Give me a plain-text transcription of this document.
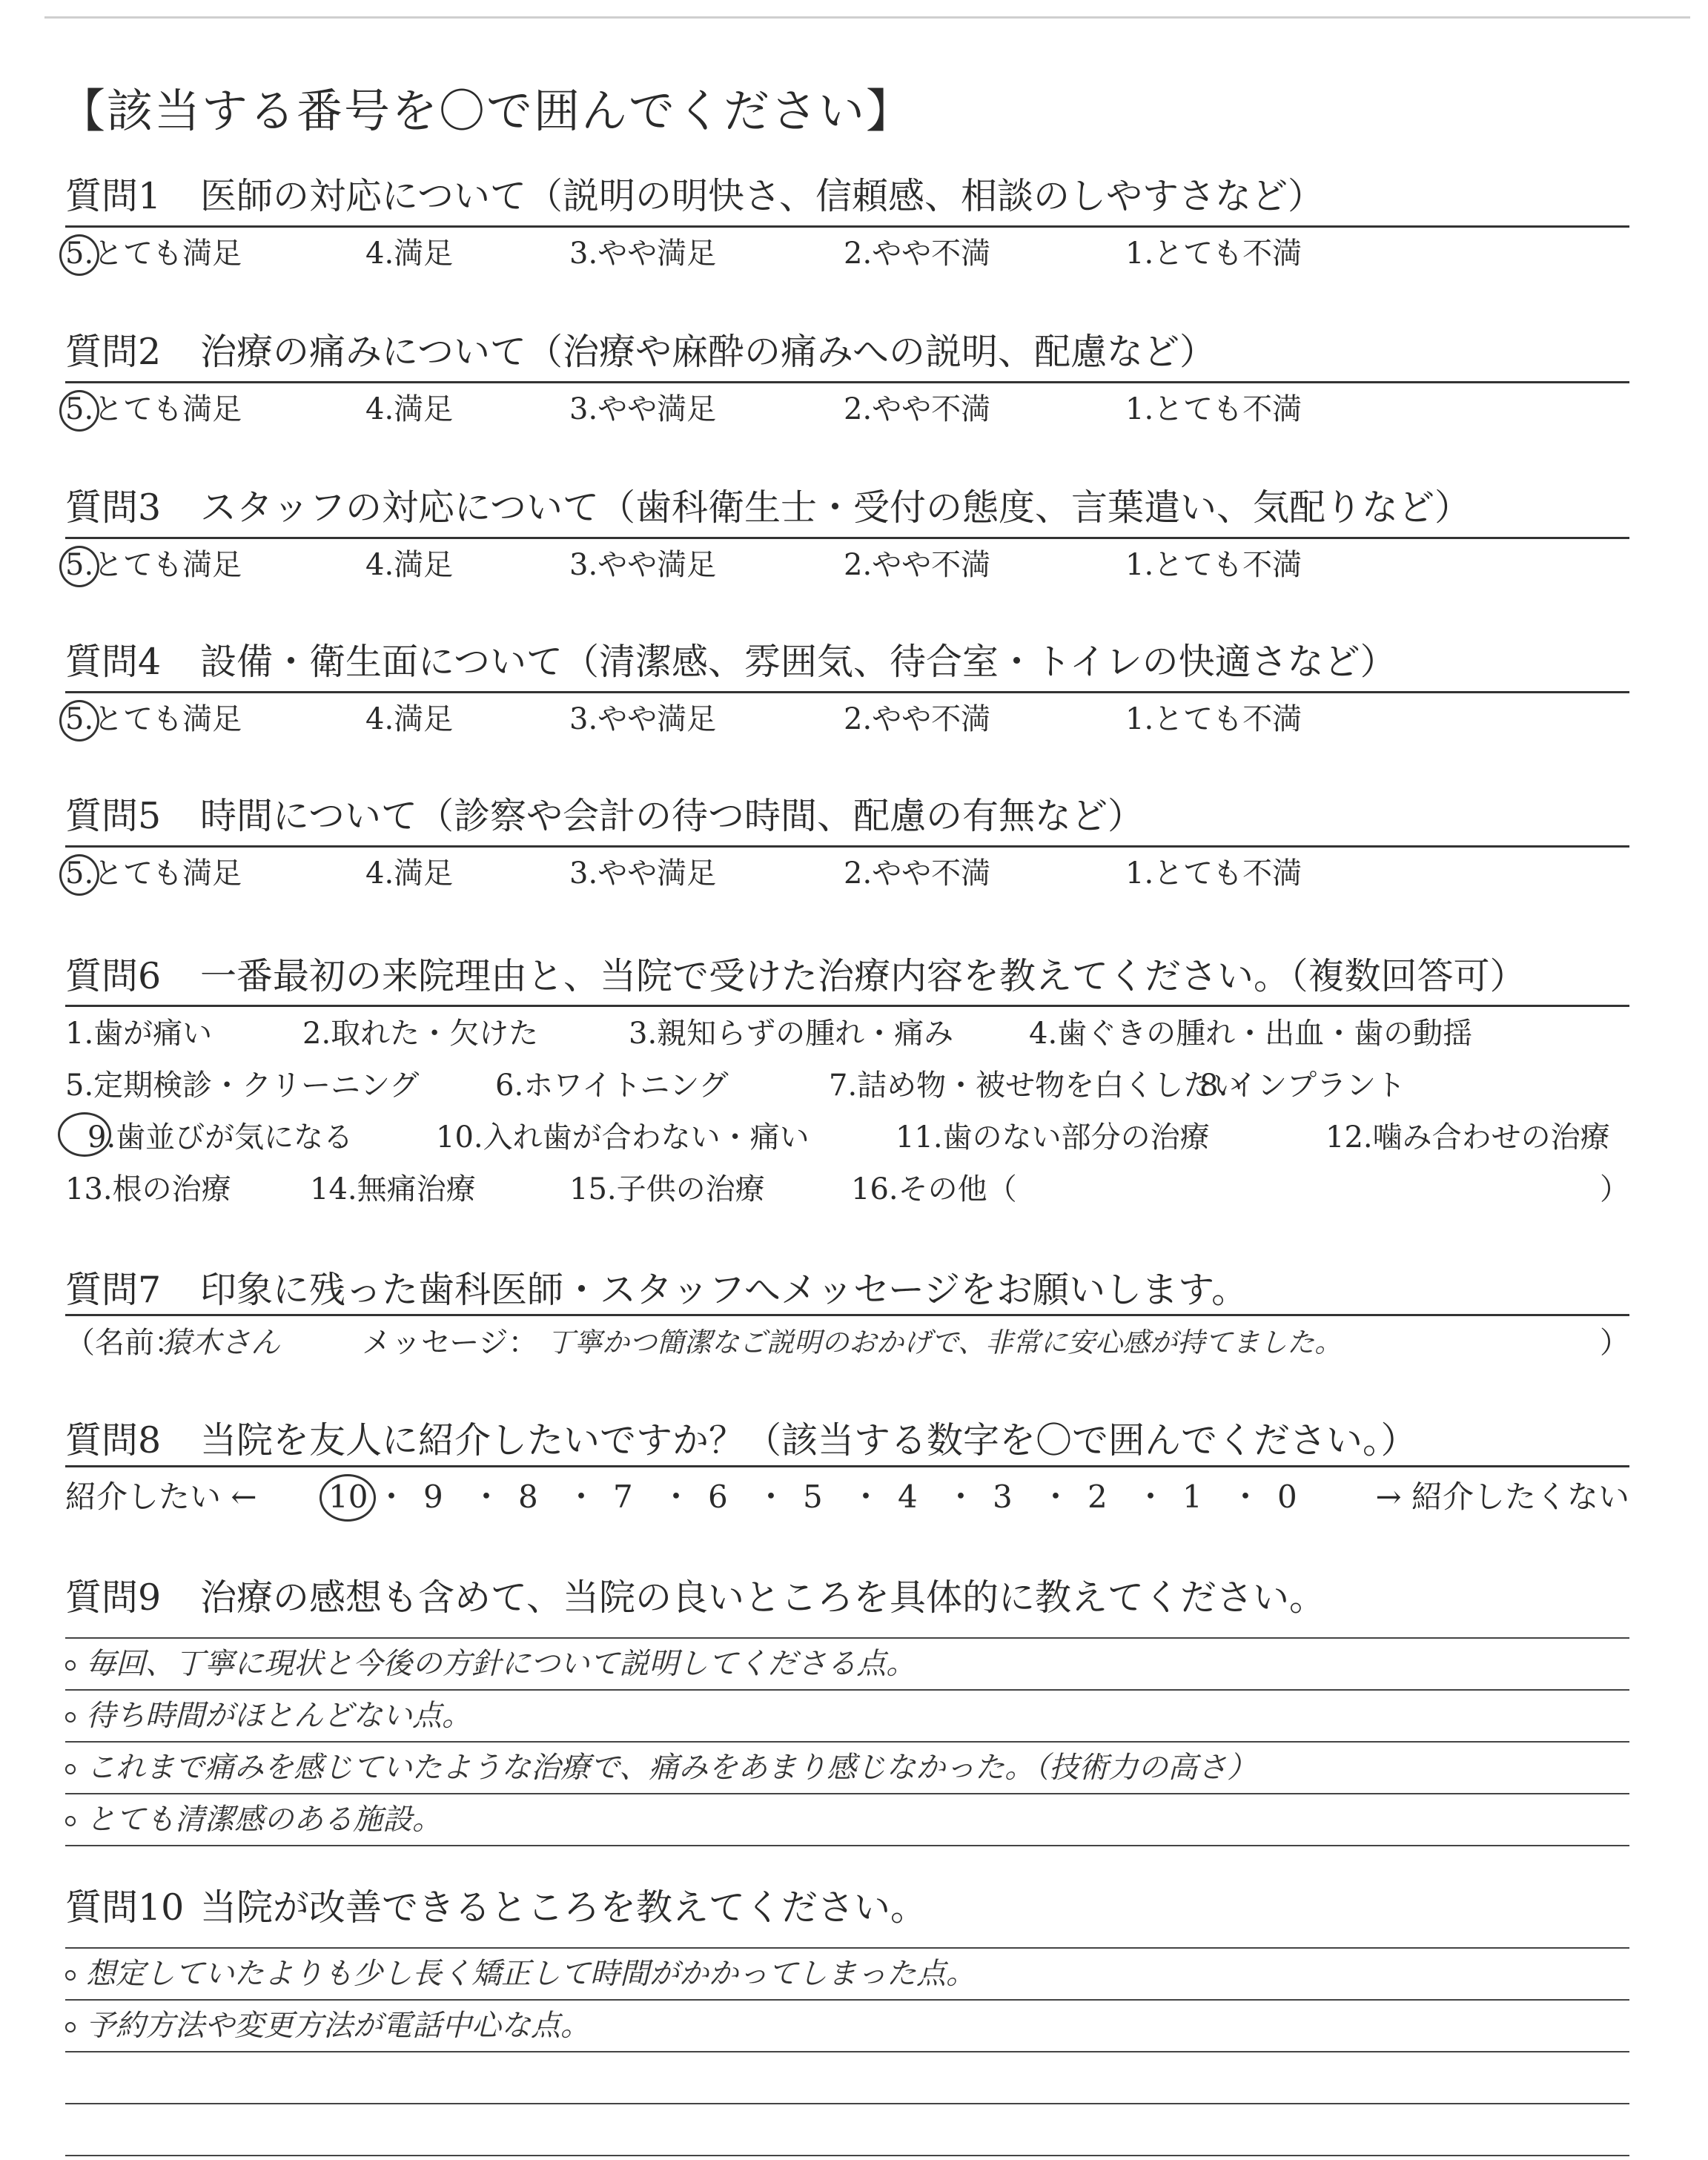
【該当する番号を〇で囲んでください】
質問1 医師の対応について（説明の明快さ、信頼感、相談のしやすさなど）
5.とても満足	4.満足	3.やや満足	2.やや不満	1.とても不満
質問2 治療の痛みについて（治療や麻酔の痛みへの説明、配慮など）
5.とても満足	4.満足	3.やや満足	2.やや不満	1.とても不満
質問3 スタッフの対応について（歯科衛生士・受付の態度、言葉遣い、気配りなど）
5.とても満足	4.満足	3.やや満足	2.やや不満	1.とても不満
質問4 設備・衛生面について（清潔感、雰囲気、待合室・トイレの快適さなど）
5.とても満足	4.満足	3.やや満足	2.やや不満	1.とても不満
質問5 時間について（診察や会計の待つ時間、配慮の有無など）
5.とても満足	4.満足	3.やや満足	2.やや不満	1.とても不満
質問6 一番最初の来院理由と、当院で受けた治療内容を教えてください。（複数回答可）
1.歯が痛い	2.取れた・欠けた	3.親知らずの腫れ・痛み	4.歯ぐきの腫れ・出血・歯の動揺
5.定期検診・クリーニング	6.ホワイトニング	7.詰め物・被せ物を白くしたい
8.インプラント
9.歯並びが気になる	10.入れ歯が合わない・痛い	11.歯のない部分の治療	12.噛み合わせの治療
13.根の治療	14.無痛治療	15.子供の治療	16.その他（	）
質問7 印象に残った歯科医師・スタッフへメッセージをお願いします。
（名前：
猿木さん	メッセージ： 丁寧かつ簡潔なご説明のおかげで、非常に安心感が持てました。	）
質問8 当院を友人に紹介したいですか？（該当する数字を〇で囲んでください。）
紹介したい ←	→ 紹介したくない
10 ・ 9 ・ 8 ・ 7 ・ 6 ・ 5 ・ 4 ・ 3 ・ 2 ・ 1 ・ 0
質問9 治療の感想も含めて、当院の良いところを具体的に教えてください。
毎回、丁寧に現状と今後の方針について説明してくださる点。
待ち時間がほとんどない点。
これまで痛みを感じていたような治療で、痛みをあまり感じなかった。（技術力の高さ）
とても清潔感のある施設。
質問10 当院が改善できるところを教えてください。
想定していたよりも少し長く矯正して時間がかかってしまった点。
予約方法や変更方法が電話中心な点。
